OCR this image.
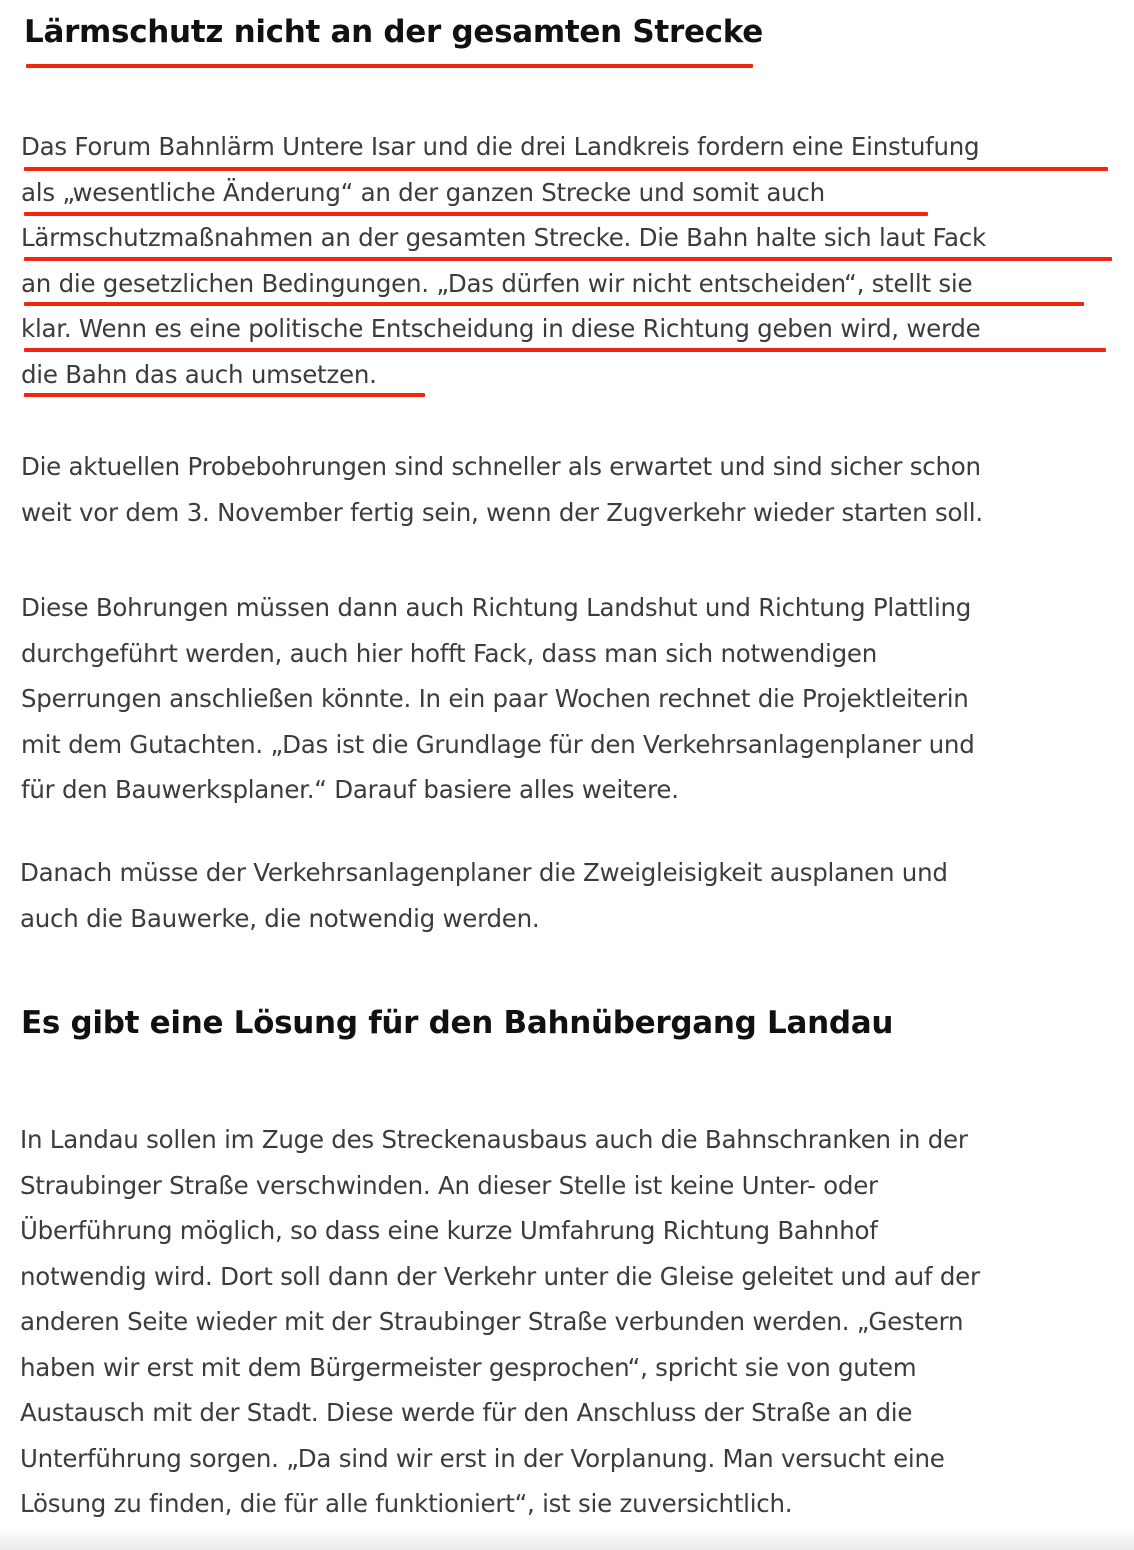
Lärmschutz nicht an der gesamten Strecke
Das Forum Bahnlärm Untere Isar und die drei Landkreis fordern eine Einstufung
als „wesentliche Änderung“ an der ganzen Strecke und somit auch
Lärmschutzmaßnahmen an der gesamten Strecke. Die Bahn halte sich laut Fack
an die gesetzlichen Bedingungen. „Das dürfen wir nicht entscheiden“, stellt sie
klar. Wenn es eine politische Entscheidung in diese Richtung geben wird, werde
die Bahn das auch umsetzen.
Die aktuellen Probebohrungen sind schneller als erwartet und sind sicher schon
weit vor dem 3. November fertig sein, wenn der Zugverkehr wieder starten soll.
Diese Bohrungen müssen dann auch Richtung Landshut und Richtung Plattling
durchgeführt werden, auch hier hofft Fack, dass man sich notwendigen
Sperrungen anschließen könnte. In ein paar Wochen rechnet die Projektleiterin
mit dem Gutachten. „Das ist die Grundlage für den Verkehrsanlagenplaner und
für den Bauwerksplaner.“ Darauf basiere alles weitere.
Danach müsse der Verkehrsanlagenplaner die Zweigleisigkeit ausplanen und
auch die Bauwerke, die notwendig werden.
Es gibt eine Lösung für den Bahnübergang Landau
In Landau sollen im Zuge des Streckenausbaus auch die Bahnschranken in der
Straubinger Straße verschwinden. An dieser Stelle ist keine Unter- oder
Überführung möglich, so dass eine kurze Umfahrung Richtung Bahnhof
notwendig wird. Dort soll dann der Verkehr unter die Gleise geleitet und auf der
anderen Seite wieder mit der Straubinger Straße verbunden werden. „Gestern
haben wir erst mit dem Bürgermeister gesprochen“, spricht sie von gutem
Austausch mit der Stadt. Diese werde für den Anschluss der Straße an die
Unterführung sorgen. „Da sind wir erst in der Vorplanung. Man versucht eine
Lösung zu finden, die für alle funktioniert“, ist sie zuversichtlich.
